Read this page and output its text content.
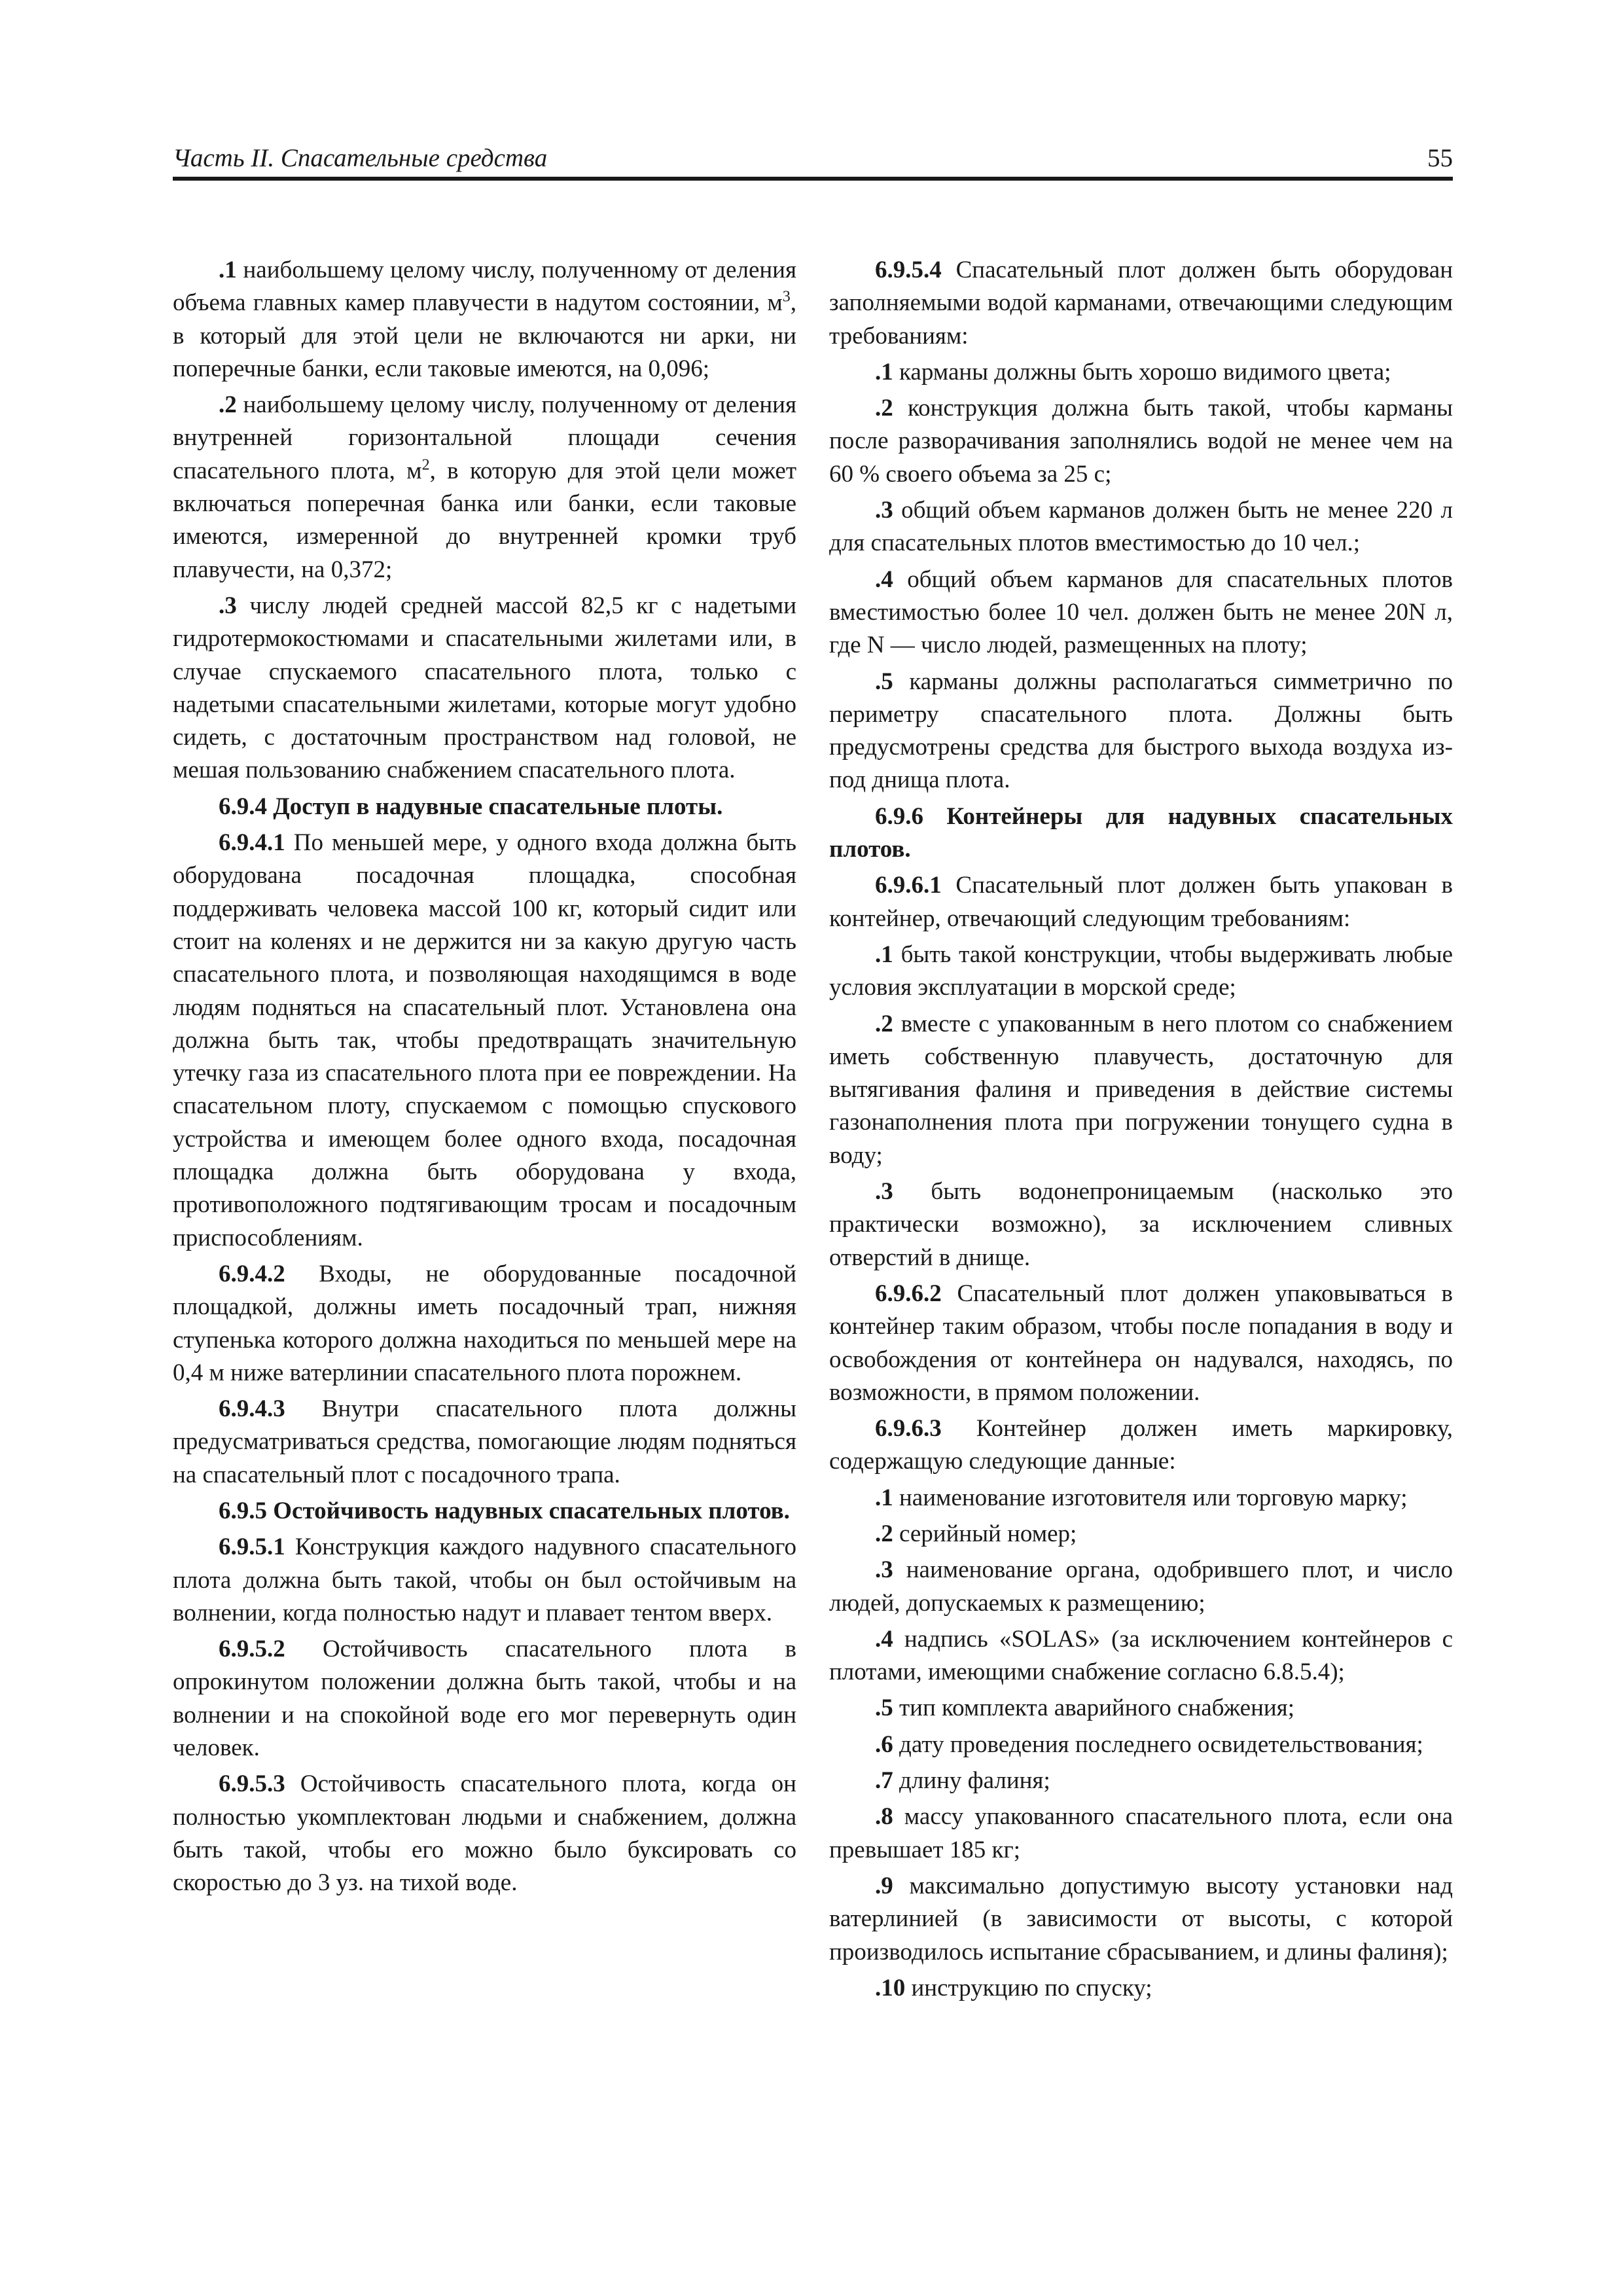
Часть II. Спасательные средства	55

.1 наибольшему целому числу, полученному от деления объема главных камер плавучести в надутом состоянии, $м^3$, в который для этой цели не включаются ни арки, ни поперечные банки, если таковые имеются, на 0,096;

.2 наибольшему целому числу, полученному от деления внутренней горизонтальной площади сечения спасательного плота, $м^2$, в которую для этой цели может включаться поперечная банка или банки, если таковые имеются, измеренной до внутренней кромки труб плавучести, на 0,372;

.3 числу людей средней массой 82,5 кг с надетыми гидротермокостюмами и спасательными жилетами или, в случае спускаемого спасательного плота, только с надетыми спасательными жилетами, которые могут удобно сидеть, с достаточным пространством над головой, не мешая пользованию снабжением спасательного плота.

6.9.4 Доступ в надувные спасательные плоты.

6.9.4.1 По меньшей мере, у одного входа должна быть оборудована посадочная площадка, способная поддерживать человека массой 100 кг, который сидит или стоит на коленях и не держится ни за какую другую часть спасательного плота, и позволяющая находящимся в воде людям подняться на спасательный плот. Установлена она должна быть так, чтобы предотвращать значительную утечку газа из спасательного плота при ее повреждении. На спасательном плоту, спускаемом с помощью спускового устройства и имеющем более одного входа, посадочная площадка должна быть оборудована у входа, противоположного подтягивающим тросам и посадочным приспособлениям.

6.9.4.2 Входы, не оборудованные посадочной площадкой, должны иметь посадочный трап, нижняя ступенька которого должна находиться по меньшей мере на 0,4 м ниже ватерлинии спасательного плота порожнем.

6.9.4.3 Внутри спасательного плота должны предусматриваться средства, помогающие людям подняться на спасательный плот с посадочного трапа.

6.9.5 Остойчивость надувных спасательных плотов.

6.9.5.1 Конструкция каждого надувного спасательного плота должна быть такой, чтобы он был остойчивым на волнении, когда полностью надут и плавает тентом вверх.

6.9.5.2 Остойчивость спасательного плота в опрокинутом положении должна быть такой, чтобы и на волнении и на спокойной воде его мог перевернуть один человек.

6.9.5.3 Остойчивость спасательного плота, когда он полностью укомплектован людьми и снабжением, должна быть такой, чтобы его можно было буксировать со скоростью до 3 уз. на тихой воде.

6.9.5.4 Спасательный плот должен быть оборудован заполняемыми водой карманами, отвечающими следующим требованиям:

.1 карманы должны быть хорошо видимого цвета;

.2 конструкция должна быть такой, чтобы карманы после разворачивания заполнялись водой не менее чем на 60 % своего объема за 25 с;

.3 общий объем карманов должен быть не менее 220 л для спасательных плотов вместимостью до 10 чел.;

.4 общий объем карманов для спасательных плотов вместимостью более 10 чел. должен быть не менее 20N л, где N — число людей, размещенных на плоту;

.5 карманы должны располагаться симметрично по периметру спасательного плота. Должны быть предусмотрены средства для быстрого выхода воздуха из-под днища плота.

6.9.6 Контейнеры для надувных спасательных плотов.

6.9.6.1 Спасательный плот должен быть упакован в контейнер, отвечающий следующим требованиям:

.1 быть такой конструкции, чтобы выдерживать любые условия эксплуатации в морской среде;

.2 вместе с упакованным в него плотом со снабжением иметь собственную плавучесть, достаточную для вытягивания фалиня и приведения в действие системы газонаполнения плота при погружении тонущего судна в воду;

.3 быть водонепроницаемым (насколько это практически возможно), за исключением сливных отверстий в днище.

6.9.6.2 Спасательный плот должен упаковываться в контейнер таким образом, чтобы после попадания в воду и освобождения от контейнера он надувался, находясь, по возможности, в прямом положении.

6.9.6.3 Контейнер должен иметь маркировку, содержащую следующие данные:

.1 наименование изготовителя или торговую марку;

.2 серийный номер;

.3 наименование органа, одобрившего плот, и число людей, допускаемых к размещению;

.4 надпись «SOLAS» (за исключением контейнеров с плотами, имеющими снабжение согласно 6.8.5.4);

.5 тип комплекта аварийного снабжения;

.6 дату проведения последнего освидетельствования;

.7 длину фалиня;

.8 массу упакованного спасательного плота, если она превышает 185 кг;

.9 максимально допустимую высоту установки над ватерлинией (в зависимости от высоты, с которой производилось испытание сбрасыванием, и длины фалиня);

.10 инструкцию по спуску;
